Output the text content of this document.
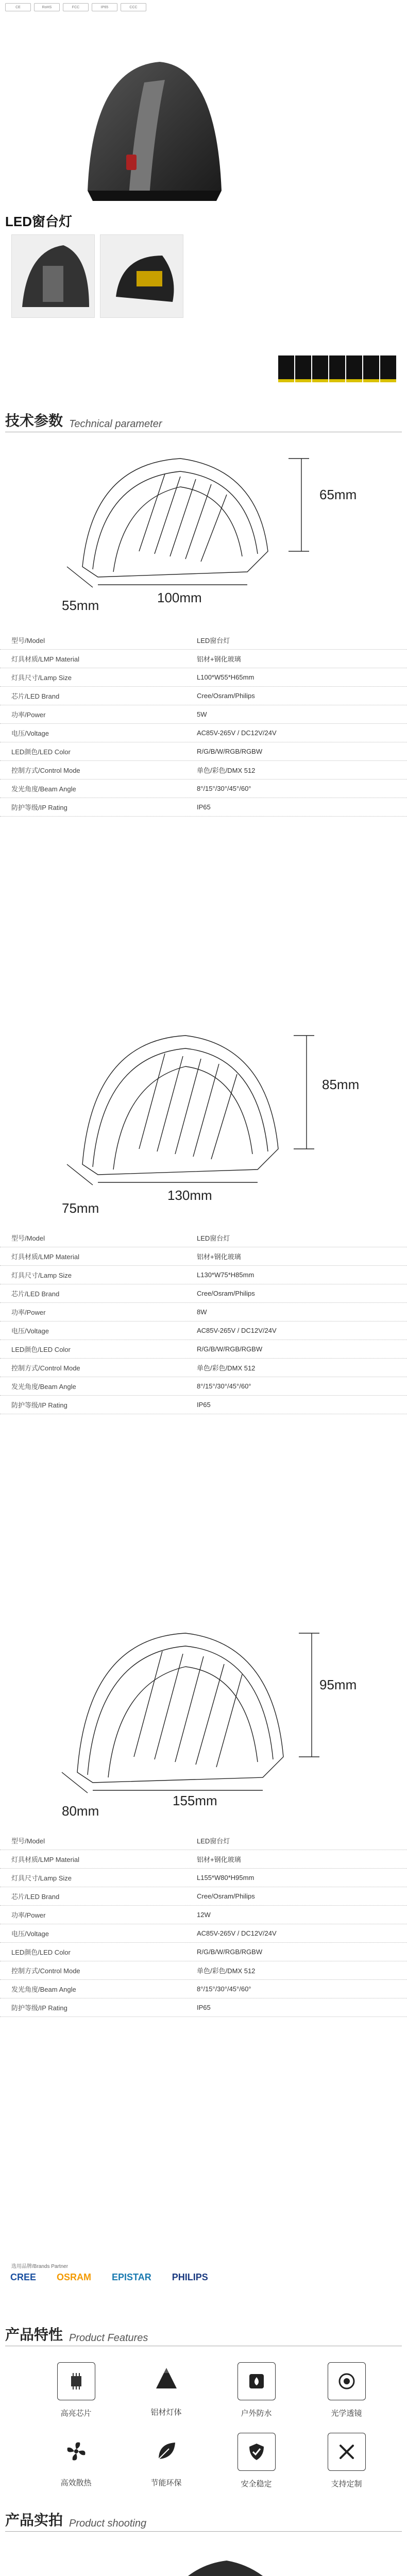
CE	RoHS	FCC	IP65	CCC
LED窗台灯
技术参数 Technical parameter
65mm
100mm
55mm
型号/Model	LED窗台灯
灯具材质/LMP Material	铝材+钢化玻璃
灯具尺寸/Lamp Size	L100*W55*H65mm
芯片/LED Brand	Cree/Osram/Philips
功率/Power	5W
电压/Voltage	AC85V-265V / DC12V/24V
LED颜色/LED Color	R/G/B/W/RGB/RGBW
控制方式/Control Mode	单色/彩色/DMX 512
发光角度/Beam Angle	8°/15°/30°/45°/60°
防护等级/IP Rating	IP65
85mm
130mm
75mm
型号/Model	LED窗台灯
灯具材质/LMP Material	铝材+钢化玻璃
灯具尺寸/Lamp Size	L130*W75*H85mm
芯片/LED Brand	Cree/Osram/Philips
功率/Power	8W
电压/Voltage	AC85V-265V / DC12V/24V
LED颜色/LED Color	R/G/B/W/RGB/RGBW
控制方式/Control Mode	单色/彩色/DMX 512
发光角度/Beam Angle	8°/15°/30°/45°/60°
防护等级/IP Rating	IP65
95mm
155mm
80mm
型号/Model	LED窗台灯
灯具材质/LMP Material	铝材+钢化玻璃
灯具尺寸/Lamp Size	L155*W80*H95mm
芯片/LED Brand	Cree/Osram/Philips
功率/Power	12W
电压/Voltage	AC85V-265V / DC12V/24V
LED颜色/LED Color	R/G/B/W/RGB/RGBW
控制方式/Control Mode	单色/彩色/DMX 512
发光角度/Beam Angle	8°/15°/30°/45°/60°
防护等级/IP Rating	IP65
选用品牌/Brands Partner
CREE OSRAM EPISTAR PHILIPS
产品特性 Product Features
高亮芯片	铝材灯体	户外防水	光学透镜
高效散热	节能环保	安全稳定	支持定制
产品实拍 Product shooting
